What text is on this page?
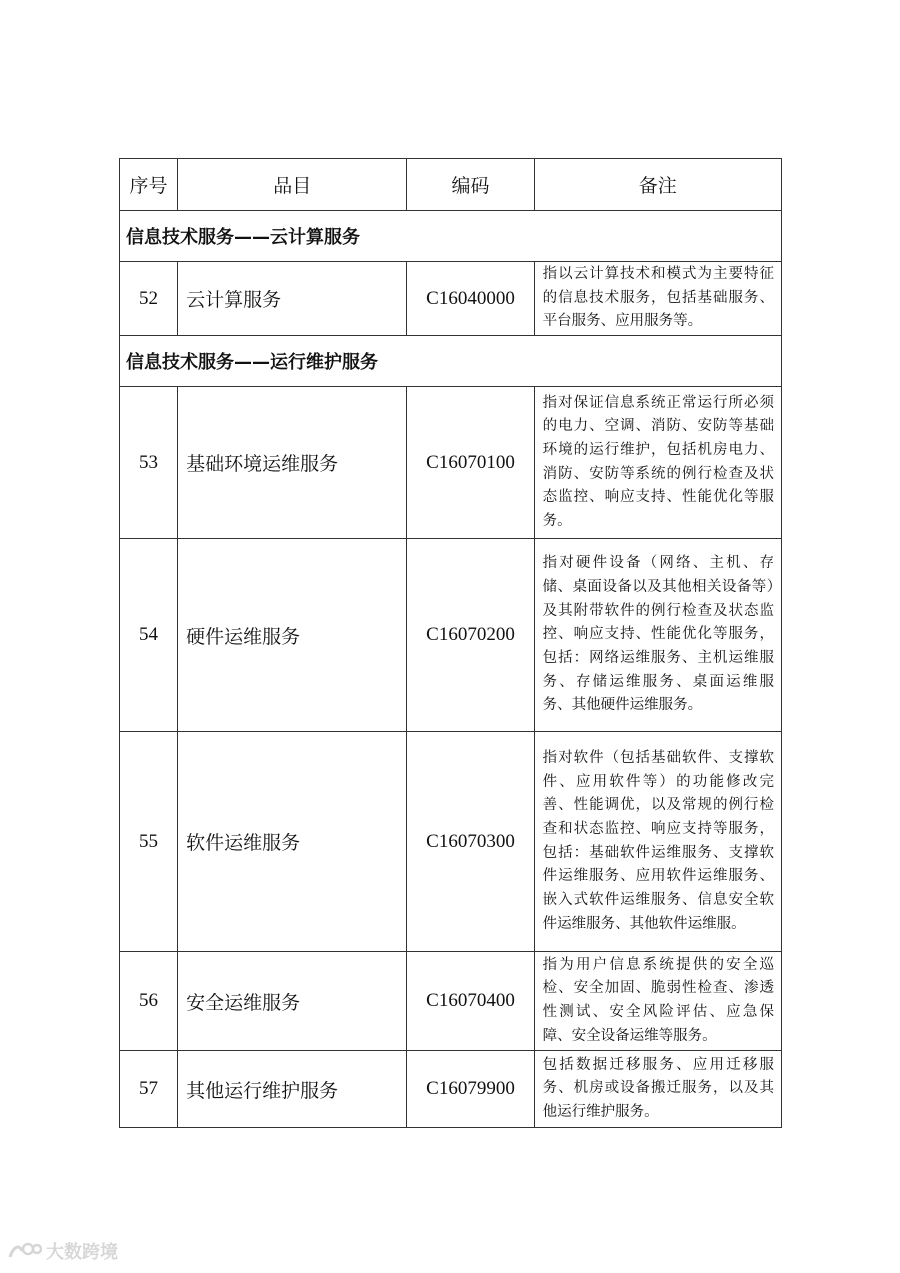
序号	品目	编码	备注
信息技术服务——云计算服务			
52	云计算服务	C16040000	指以云计算技术和模式为主要特征的信息技术服务，包括基础服务、平台服务、应用服务等。
信息技术服务——运行维护服务			
53	基础环境运维服务	C16070100	指对保证信息系统正常运行所必须的电力、空调、消防、安防等基础环境的运行维护，包括机房电力、消防、安防等系统的例行检查及状态监控、响应支持、性能优化等服务。
54	硬件运维服务	C16070200	指对硬件设备（网络、主机、存储、桌面设备以及其他相关设备等）及其附带软件的例行检查及状态监控、响应支持、性能优化等服务，包括：网络运维服务、主机运维服务、存储运维服务、桌面运维服务、其他硬件运维服务。
55	软件运维服务	C16070300	指对软件（包括基础软件、支撑软件、应用软件等）的功能修改完善、性能调优，以及常规的例行检查和状态监控、响应支持等服务，包括：基础软件运维服务、支撑软件运维服务、应用软件运维服务、嵌入式软件运维服务、信息安全软件运维服务、其他软件运维服。
56	安全运维服务	C16070400	指为用户信息系统提供的安全巡检、安全加固、脆弱性检查、渗透性测试、安全风险评估、应急保障、安全设备运维等服务。
57	其他运行维护服务	C16079900	包括数据迁移服务、应用迁移服务、机房或设备搬迁服务，以及其他运行维护服务。
大数跨境
